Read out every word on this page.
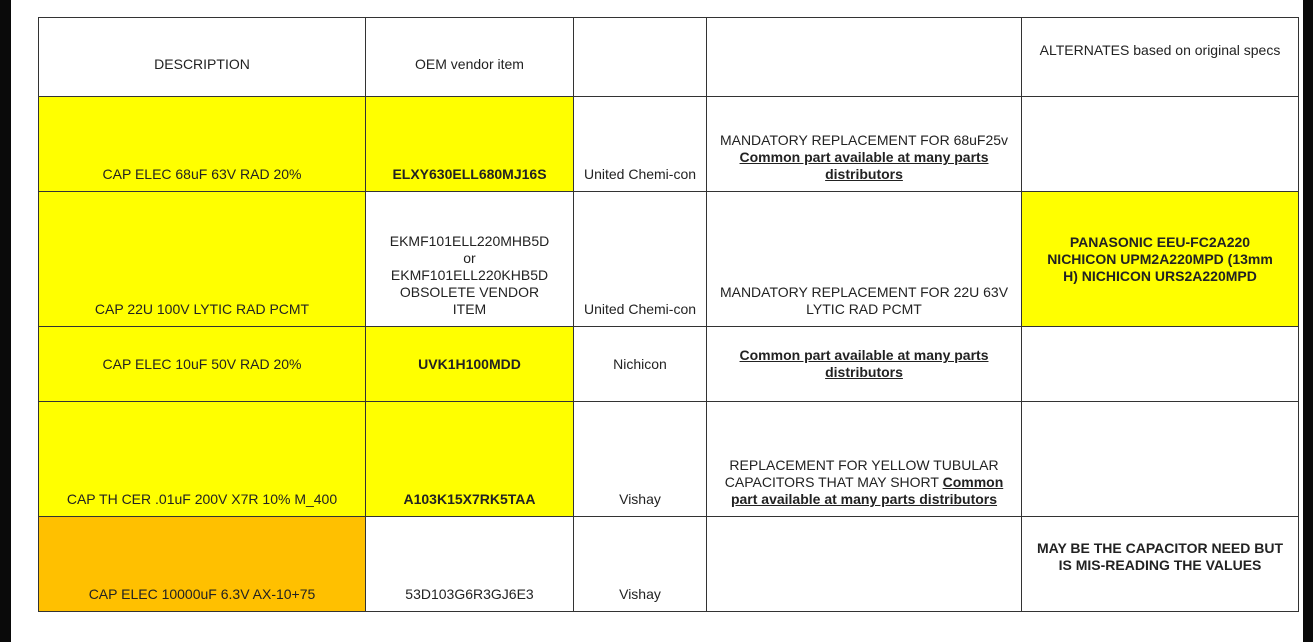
DESCRIPTION	OEM vendor item			ALTERNATES based on original specs
CAP ELEC 68uF 63V RAD 20%	ELXY630ELL680MJ16S	United Chemi-con	MANDATORY REPLACEMENT FOR 68uF25v Common part available at many parts distributors	
CAP 22U 100V LYTIC RAD PCMT	EKMF101ELL220MHB5D
or
EKMF101ELL220KHB5D
OBSOLETE VENDOR
ITEM	United Chemi-con	MANDATORY REPLACEMENT FOR 22U 63V LYTIC RAD PCMT	PANASONIC EEU-FC2A220 NICHICON UPM2A220MPD (13mm H) NICHICON URS2A220MPD
CAP ELEC 10uF 50V RAD 20%	UVK1H100MDD	Nichicon	Common part available at many parts distributors	
CAP TH CER .01uF 200V X7R 10% M_400	A103K15X7RK5TAA	Vishay	REPLACEMENT FOR YELLOW TUBULAR CAPACITORS THAT MAY SHORT Common part available at many parts distributors	
CAP ELEC 10000uF 6.3V AX-10+75	53D103G6R3GJ6E3	Vishay		MAY BE THE CAPACITOR NEED BUT IS MIS-READING THE VALUES
